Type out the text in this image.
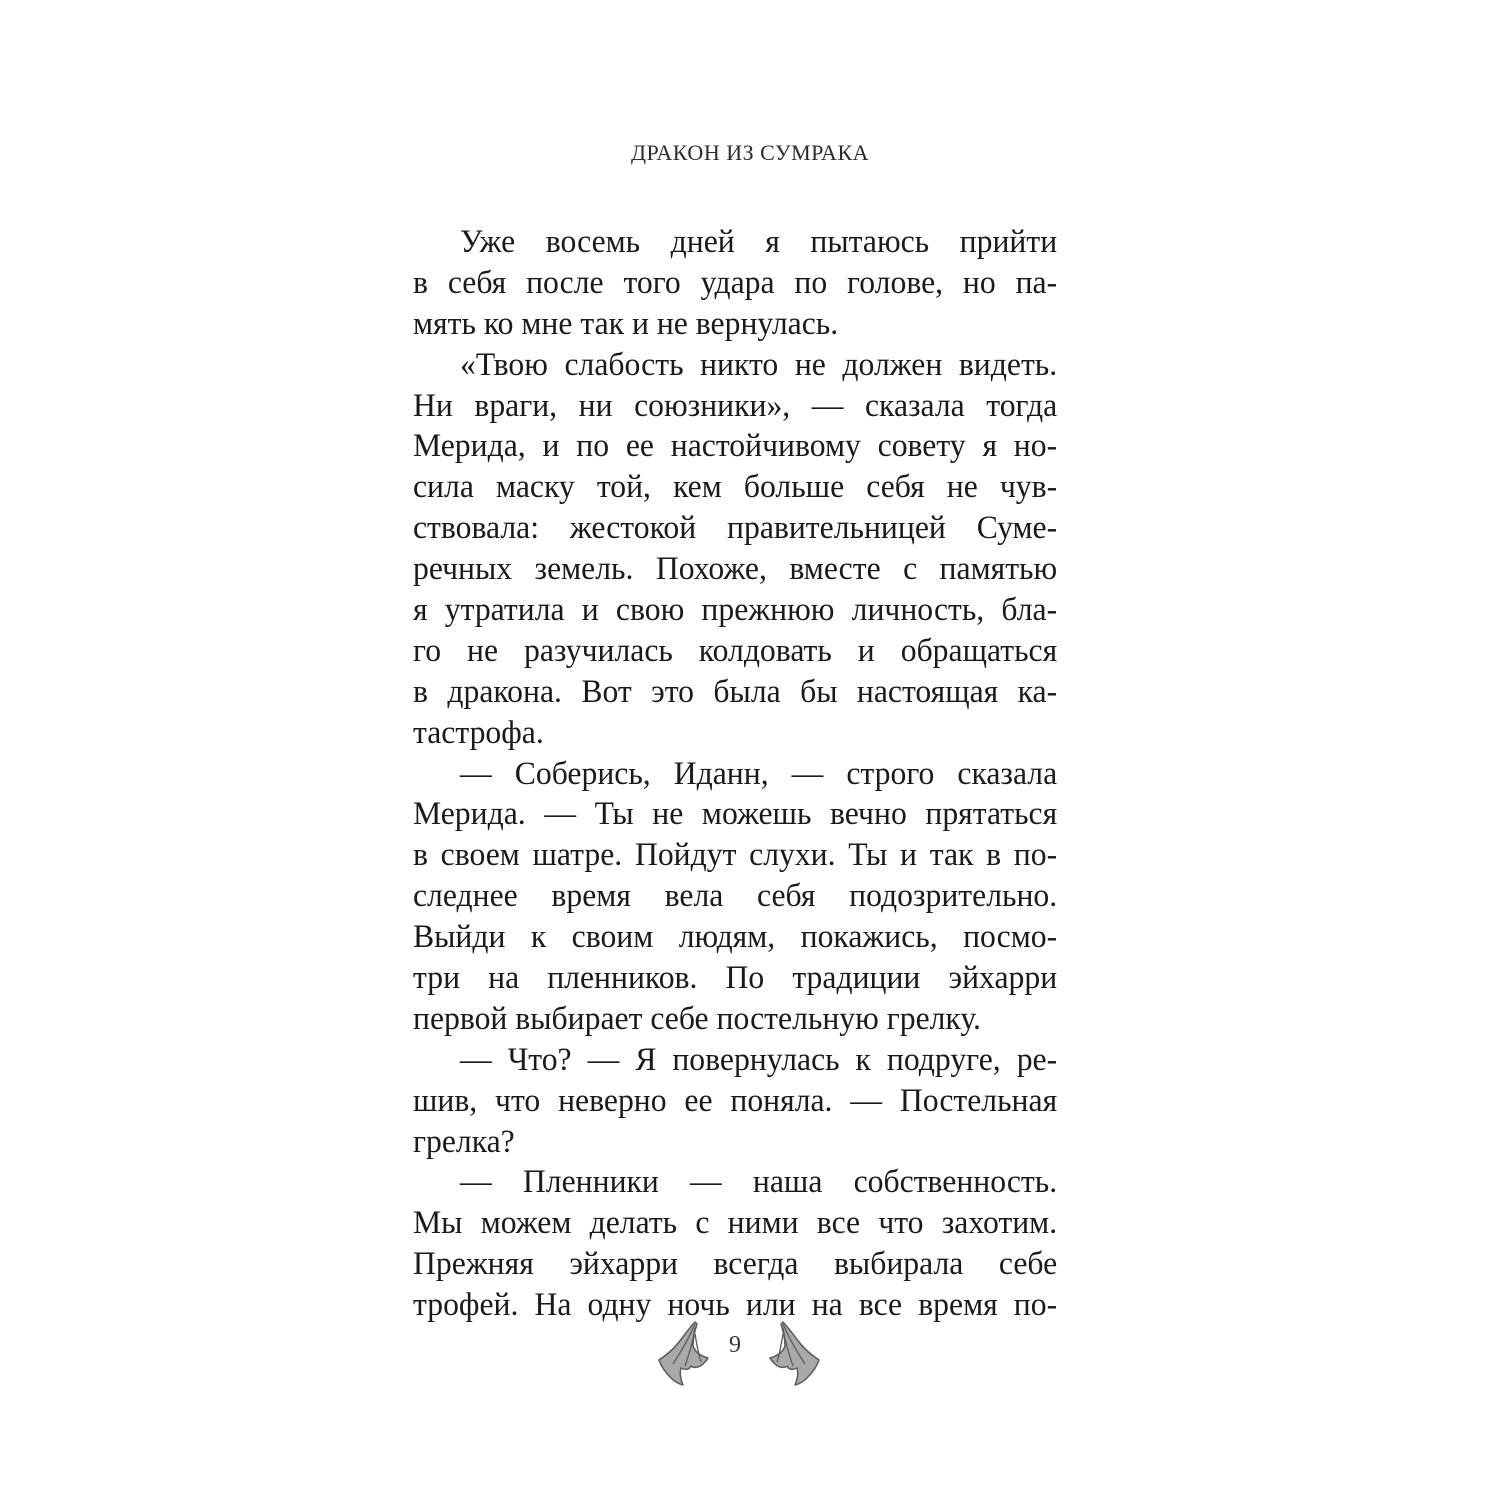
ДРАКОН ИЗ СУМРАКА
Уже восемь дней я пытаюсь прийти
в себя после того удара по голове, но па-
мять ко мне так и не вернулась.
«Твою слабость никто не должен видеть.
Ни враги, ни союзники», — сказала тогда
Мерида, и по ее настойчивому совету я но-
сила маску той, кем больше себя не чув-
ствовала: жестокой правительницей Суме-
речных земель. Похоже, вместе с памятью
я утратила и свою прежнюю личность, бла-
го не разучилась колдовать и обращаться
в дракона. Вот это была бы настоящая ка-
тастрофа.
— Соберись, Иданн, — строго сказала
Мерида. — Ты не можешь вечно прятаться
в своем шатре. Пойдут слухи. Ты и так в по-
следнее время вела себя подозрительно.
Выйди к своим людям, покажись, посмо-
три на пленников. По традиции эйхарри
первой выбирает себе постельную грелку.
— Что? — Я повернулась к подруге, ре-
шив, что неверно ее поняла. — Постельная
грелка?
— Пленники — наша собственность.
Мы можем делать с ними все что захотим.
Прежняя эйхарри всегда выбирала себе
трофей. На одну ночь или на все время по-
9
